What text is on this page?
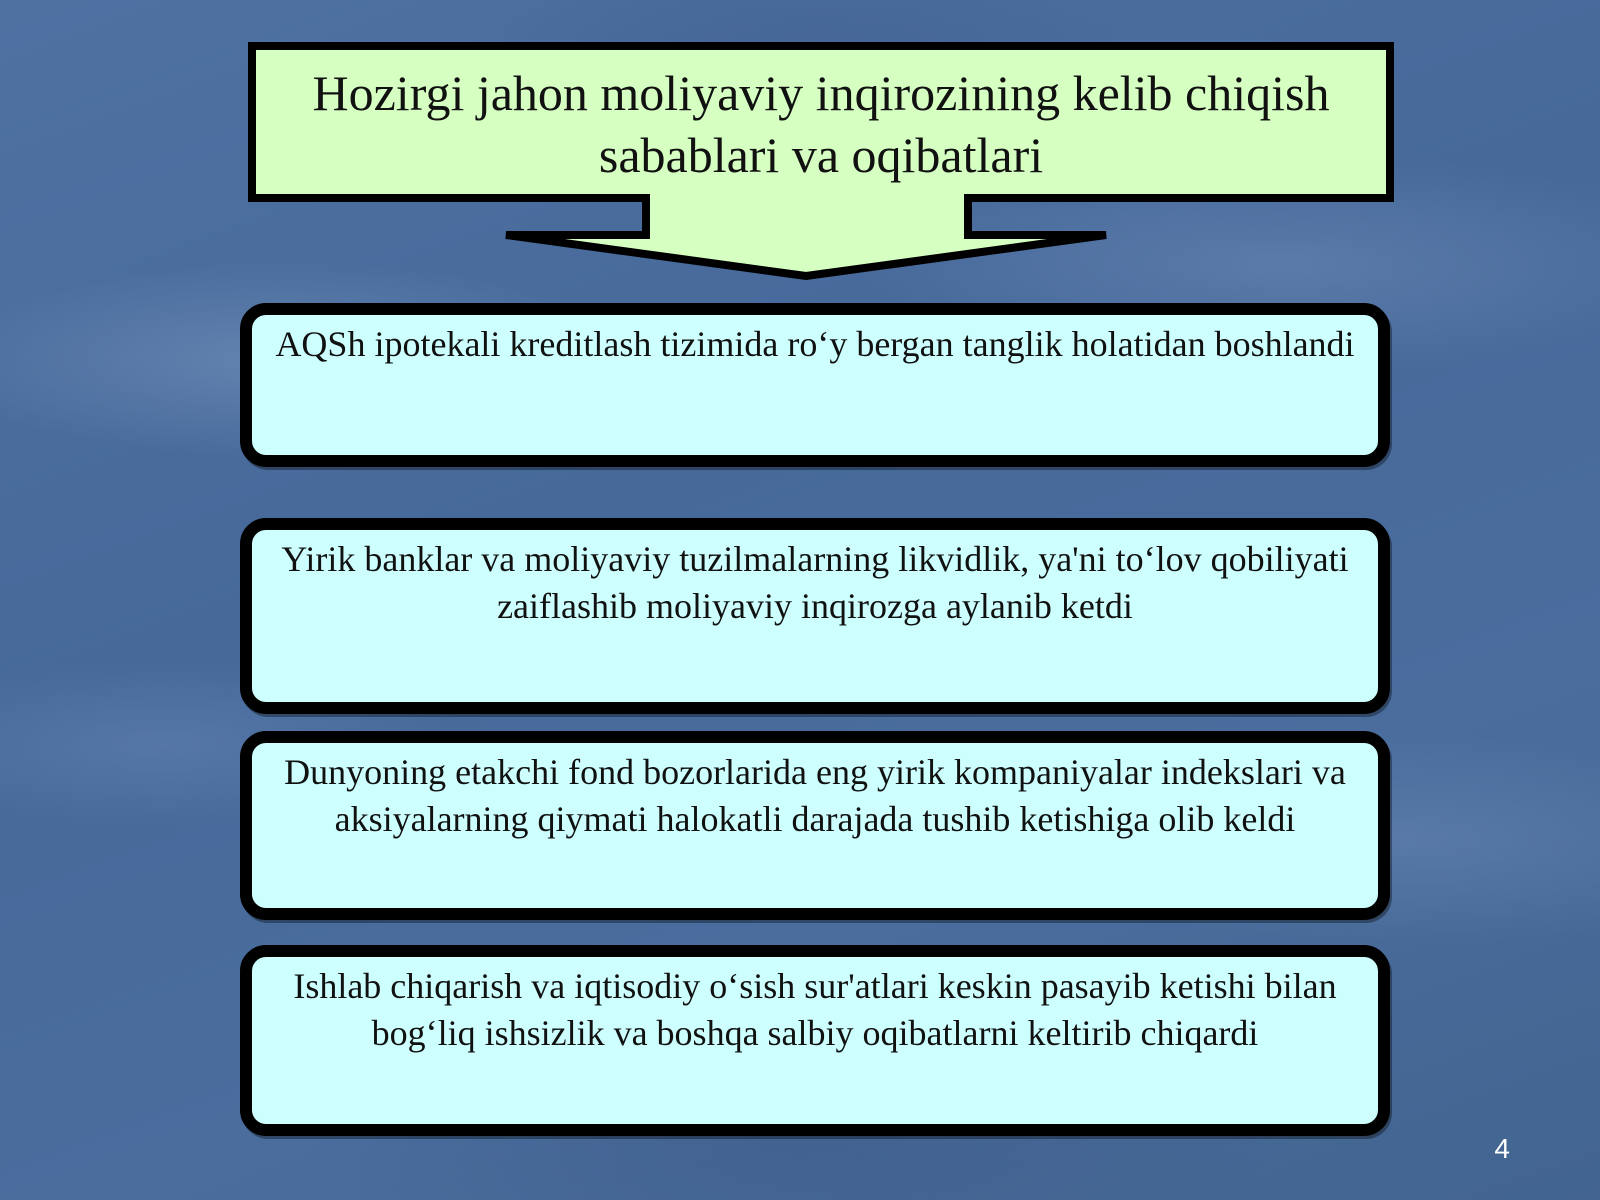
Hozirgi jahon moliyaviy inqirozining kelib chiqish sabablari va oqibatlari
AQSh ipotekali kreditlash tizimida ro‘y bergan tanglik holatidan boshlandi
Yirik banklar va moliyaviy tuzilmalarning likvidlik, ya'ni to‘lov qobiliyati zaiflashib moliyaviy inqirozga aylanib ketdi
Dunyoning etakchi fond bozorlarida eng yirik kompaniyalar indekslari va aksiyalarning qiymati halokatli darajada tushib ketishiga olib keldi
Ishlab chiqarish va iqtisodiy o‘sish sur'atlari keskin pasayib ketishi bilan bog‘liq ishsizlik va boshqa salbiy oqibatlarni keltirib chiqardi
4
